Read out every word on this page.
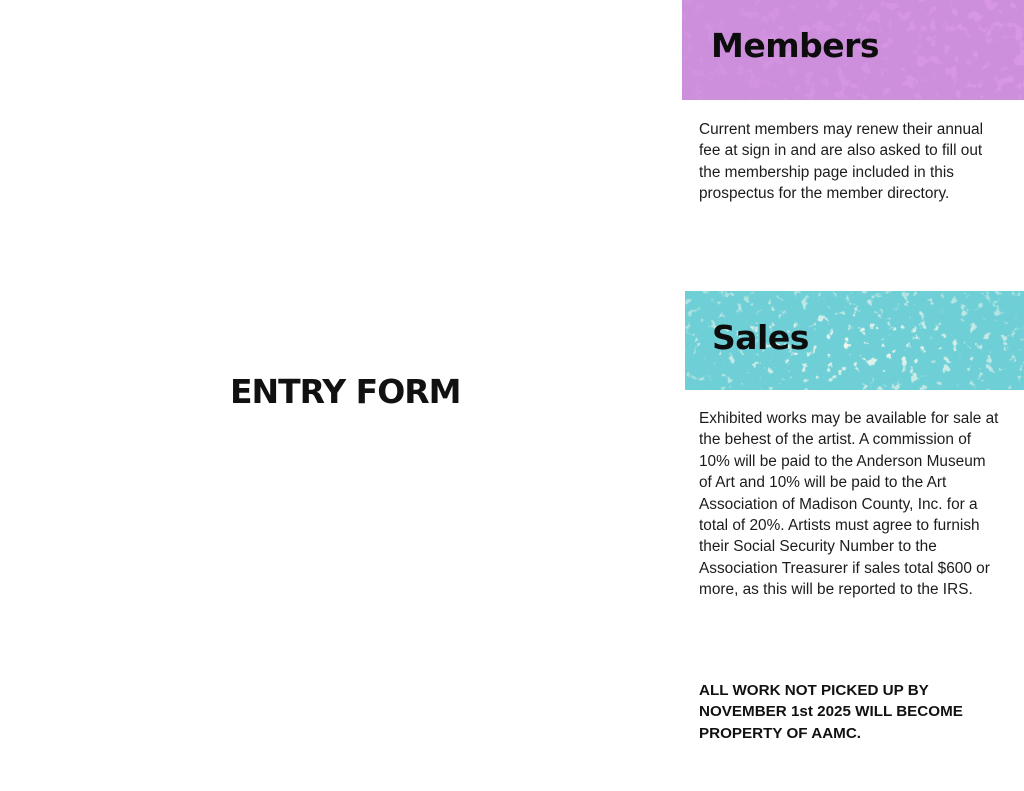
ENTRY FORM
Members

Current members may renew their annual fee at sign in and are also asked to fill out the membership page included in this prospectus for the member directory.

Sales

Exhibited works may be available for sale at the behest of the artist. A commission of 10% will be paid to the Anderson Museum of Art and 10% will be paid to the Art Association of Madison County, Inc. for a total of 20%. Artists must agree to furnish their Social Security Number to the Association Treasurer if sales total $600 or more, as this will be reported to the IRS.

ALL WORK NOT PICKED UP BY NOVEMBER 1st 2025 WILL BECOME PROPERTY OF AAMC.
